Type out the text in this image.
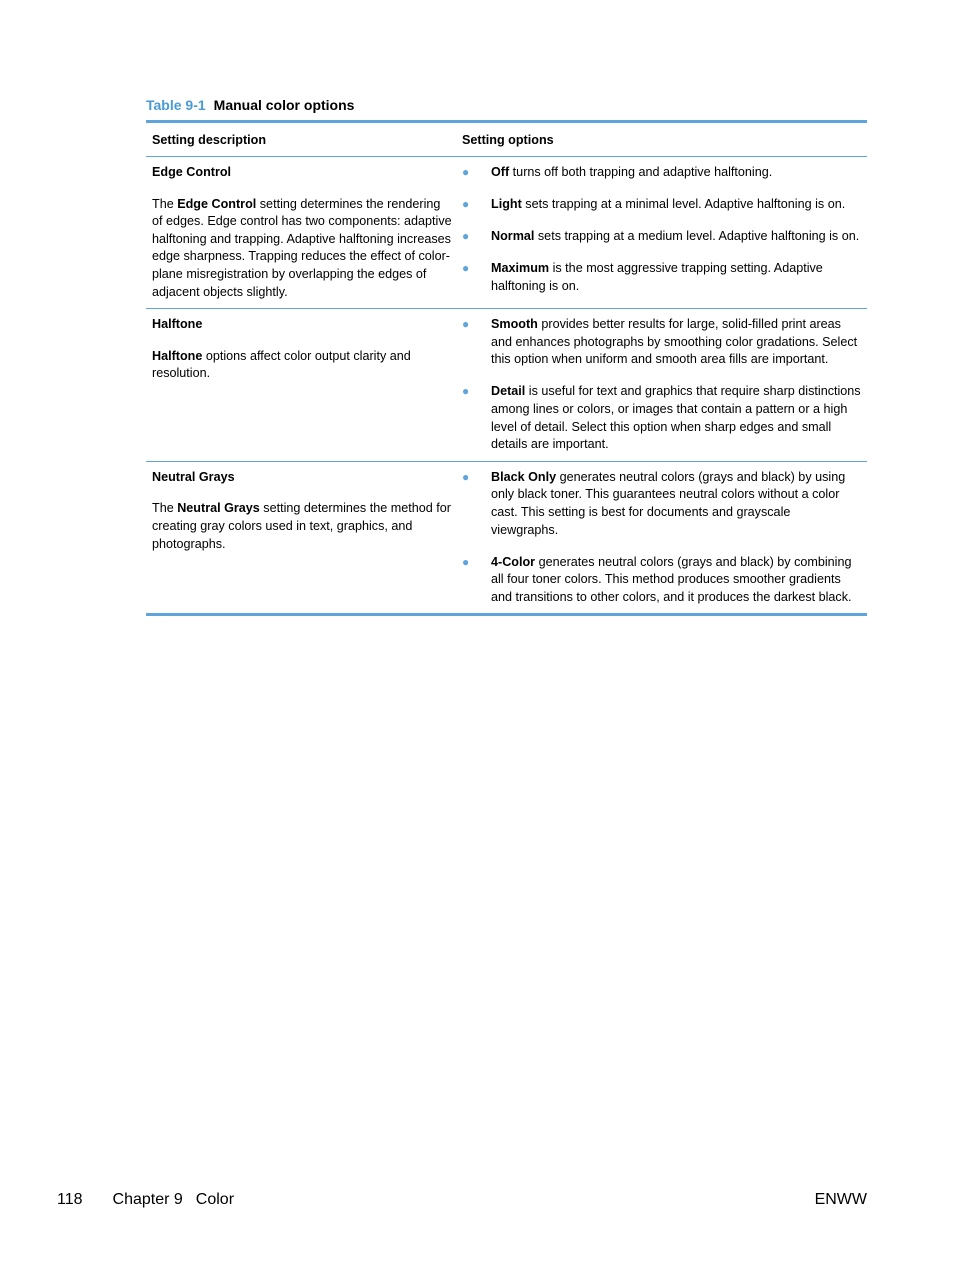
Table 9-1 Manual color options
Setting description	Setting options
Edge Control
The Edge Control setting determines the rendering of edges. Edge control has two components: adaptive halftoning and trapping. Adaptive halftoning increases edge sharpness. Trapping reduces the effect of color-plane misregistration by overlapping the edges of adjacent objects slightly.
● Off turns off both trapping and adaptive halftoning.
● Light sets trapping at a minimal level. Adaptive halftoning is on.
● Normal sets trapping at a medium level. Adaptive halftoning is on.
● Maximum is the most aggressive trapping setting. Adaptive halftoning is on.
Halftone
Halftone options affect color output clarity and resolution.
● Smooth provides better results for large, solid-filled print areas and enhances photographs by smoothing color gradations. Select this option when uniform and smooth area fills are important.
● Detail is useful for text and graphics that require sharp distinctions among lines or colors, or images that contain a pattern or a high level of detail. Select this option when sharp edges and small details are important.
Neutral Grays
The Neutral Grays setting determines the method for creating gray colors used in text, graphics, and photographs.
● Black Only generates neutral colors (grays and black) by using only black toner. This guarantees neutral colors without a color cast. This setting is best for documents and grayscale viewgraphs.
● 4-Color generates neutral colors (grays and black) by combining all four toner colors. This method produces smoother gradients and transitions to other colors, and it produces the darkest black.
118 Chapter 9 Color	ENWW
